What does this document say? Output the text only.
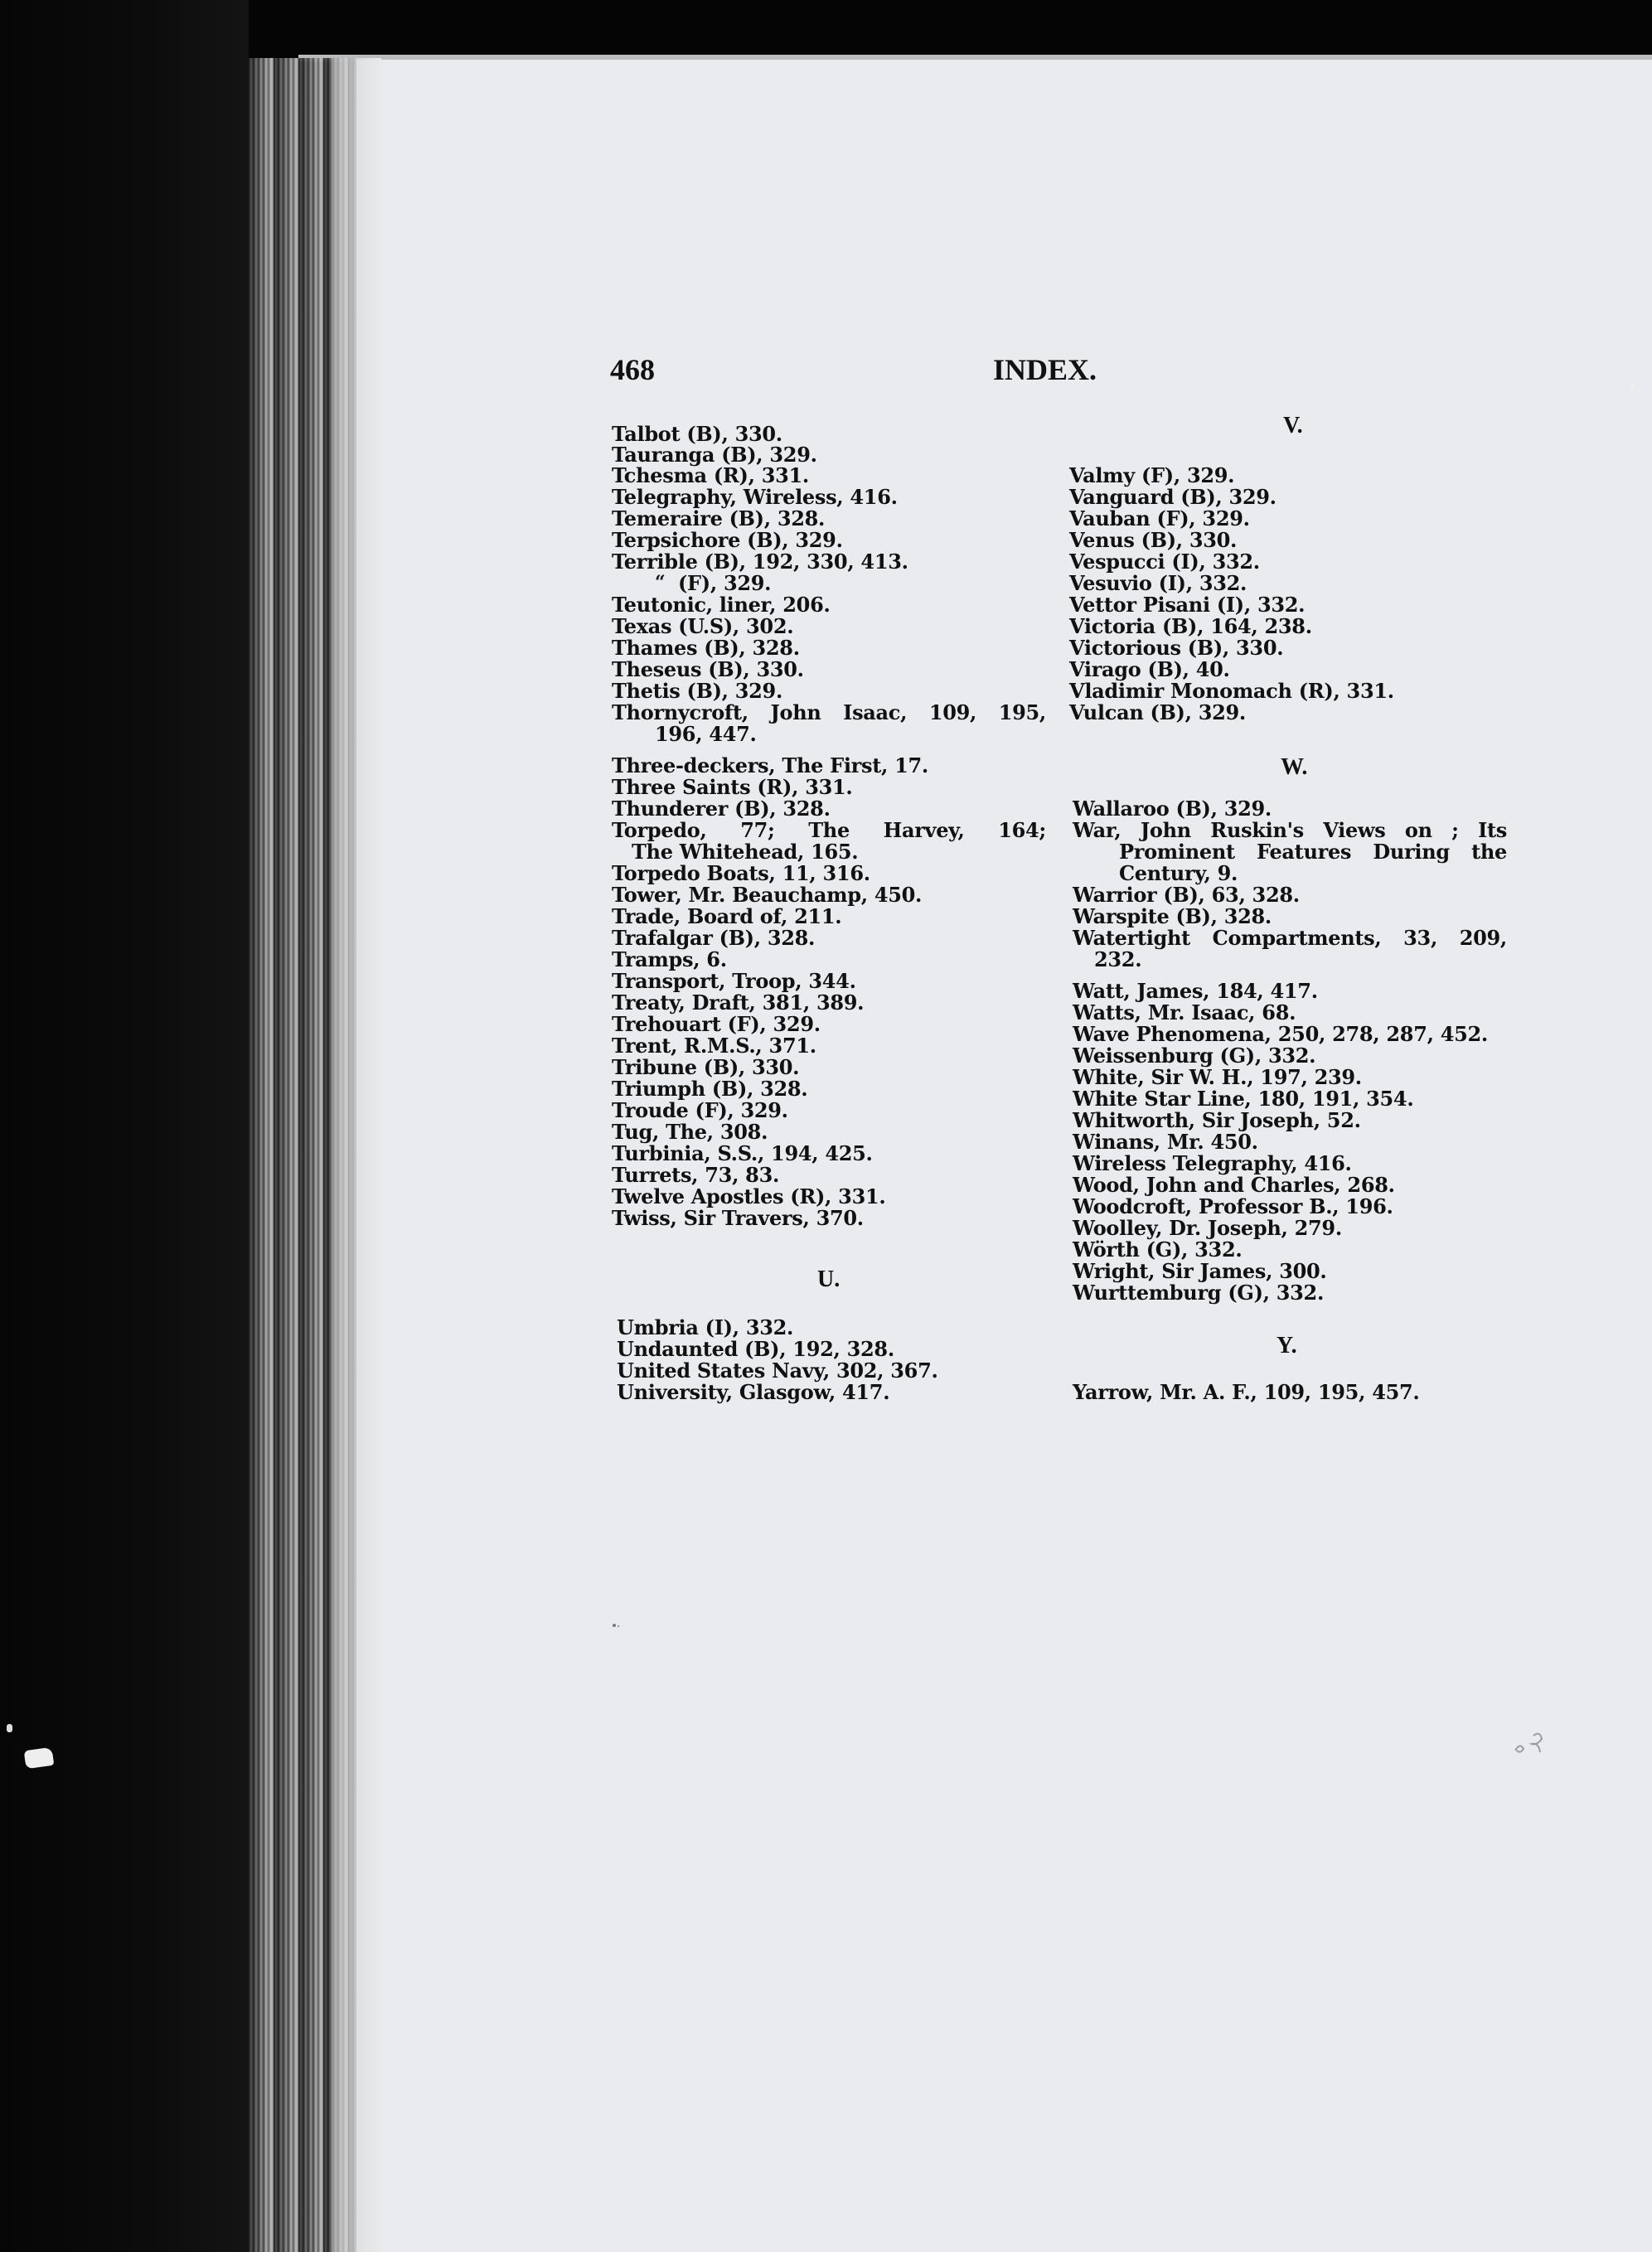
468	INDEX.
Talbot (B), 330.
Tauranga (B), 329.
Tchesma (R), 331.
Telegraphy, Wireless, 416.
Temeraire (B), 328.
Terpsichore (B), 329.
Terrible (B), 192, 330, 413.
“ (F), 329.
Teutonic, liner, 206.
Texas (U.S), 302.
Thames (B), 328.
Theseus (B), 330.
Thetis (B), 329.
Thornycroft, John Isaac, 109, 195,
196, 447.
Three-deckers, The First, 17.
Three Saints (R), 331.
Thunderer (B), 328.
Torpedo, 77; The Harvey, 164;
The Whitehead, 165.
Torpedo Boats, 11, 316.
Tower, Mr. Beauchamp, 450.
Trade, Board of, 211.
Trafalgar (B), 328.
Tramps, 6.
Transport, Troop, 344.
Treaty, Draft, 381, 389.
Trehouart (F), 329.
Trent, R.M.S., 371.
Tribune (B), 330.
Triumph (B), 328.
Troude (F), 329.
Tug, The, 308.
Turbinia, S.S., 194, 425.
Turrets, 73, 83.
Twelve Apostles (R), 331.
Twiss, Sir Travers, 370.
U.
Umbria (I), 332.
Undaunted (B), 192, 328.
United States Navy, 302, 367.
University, Glasgow, 417.
V.
Valmy (F), 329.
Vanguard (B), 329.
Vauban (F), 329.
Venus (B), 330.
Vespucci (I), 332.
Vesuvio (I), 332.
Vettor Pisani (I), 332.
Victoria (B), 164, 238.
Victorious (B), 330.
Virago (B), 40.
Vladimir Monomach (R), 331.
Vulcan (B), 329.
W.
Wallaroo (B), 329.
War, John Ruskin's Views on ; Its
Prominent Features During the
Century, 9.
Warrior (B), 63, 328.
Warspite (B), 328.
Watertight Compartments, 33, 209,
232.
Watt, James, 184, 417.
Watts, Mr. Isaac, 68.
Wave Phenomena, 250, 278, 287, 452.
Weissenburg (G), 332.
White, Sir W. H., 197, 239.
White Star Line, 180, 191, 354.
Whitworth, Sir Joseph, 52.
Winans, Mr. 450.
Wireless Telegraphy, 416.
Wood, John and Charles, 268.
Woodcroft, Professor B., 196.
Woolley, Dr. Joseph, 279.
Wörth (G), 332.
Wright, Sir James, 300.
Wurttemburg (G), 332.
Y.
Yarrow, Mr. A. F., 109, 195, 457.
